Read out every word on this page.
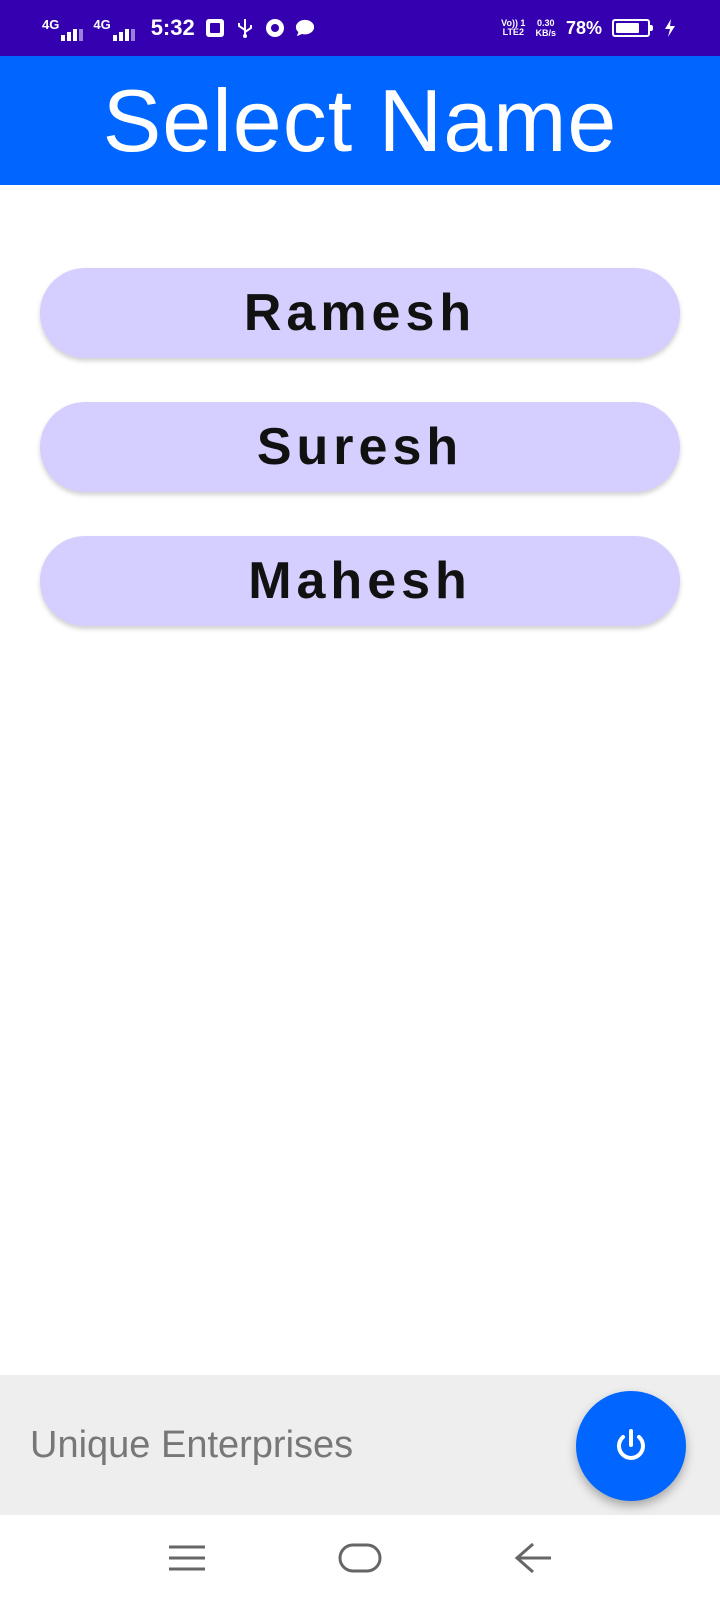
4G	4G 5:32	Vo)) 1
LTE2
0.30
KB/s 78%
Select Name
Ramesh
Suresh
Mahesh
Unique Enterprises
